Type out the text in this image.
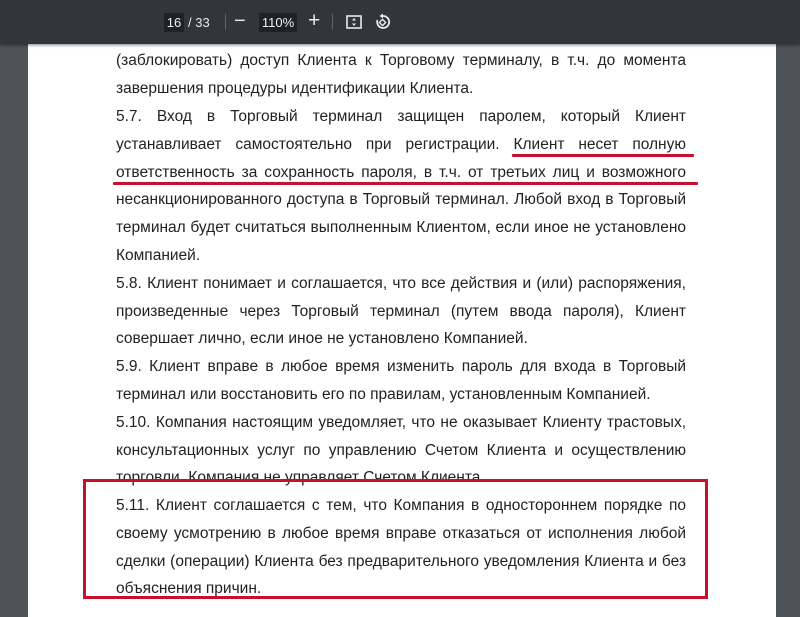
16 / 33 − 110% +
(заблокировать) доступ Клиента к Торговому терминалу, в т.ч. до момента
завершения процедуры идентификации Клиента.
5.7. Вход в Торговый терминал защищен паролем, который Клиент
устанавливает самостоятельно при регистрации. Клиент несет полную
ответственность за сохранность пароля, в т.ч. от третьих лиц и возможного
несанкционированного доступа в Торговый терминал. Любой вход в Торговый
терминал будет считаться выполненным Клиентом, если иное не установлено
Компанией.
5.8. Клиент понимает и соглашается, что все действия и (или) распоряжения,
произведенные через Торговый терминал (путем ввода пароля), Клиент
совершает лично, если иное не установлено Компанией.
5.9. Клиент вправе в любое время изменить пароль для входа в Торговый
терминал или восстановить его по правилам, установленным Компанией.
5.10. Компания настоящим уведомляет, что не оказывает Клиенту трастовых,
консультационных услуг по управлению Счетом Клиента и осуществлению
торговли. Компания не управляет Счетом Клиента.
5.11. Клиент соглашается с тем, что Компания в одностороннем порядке по
своему усмотрению в любое время вправе отказаться от исполнения любой
сделки (операции) Клиента без предварительного уведомления Клиента и без
объяснения причин.
